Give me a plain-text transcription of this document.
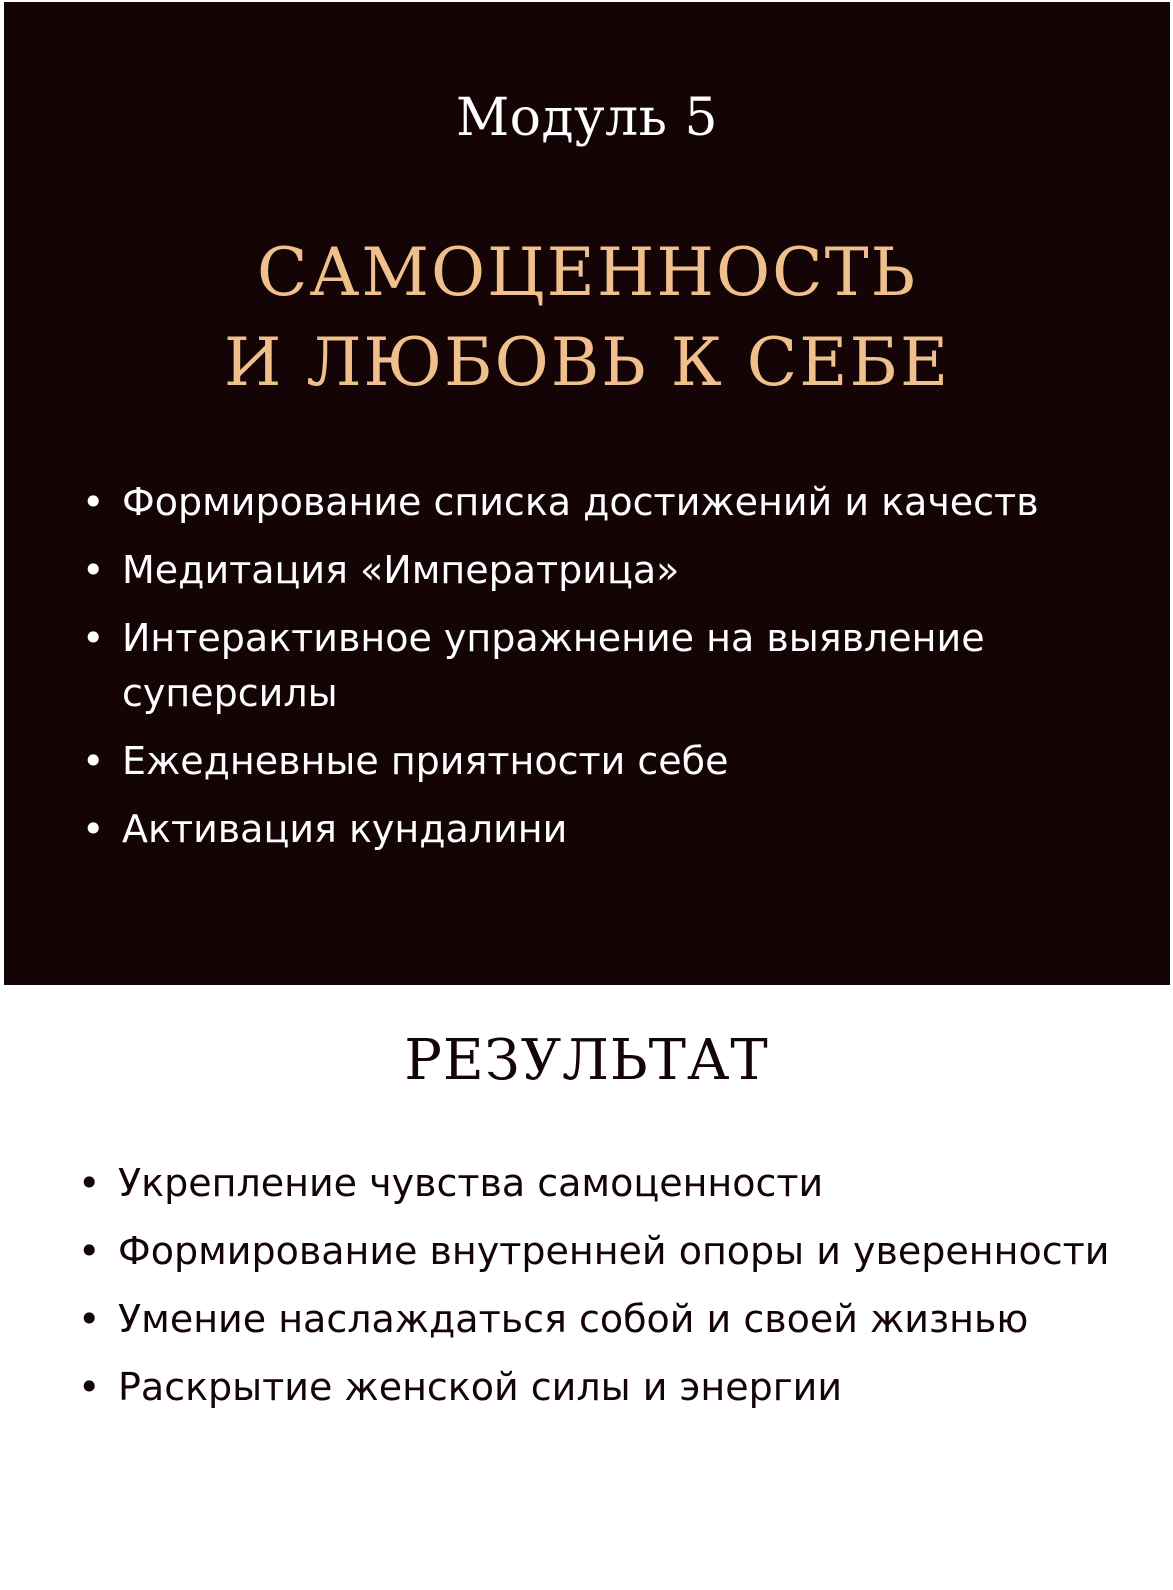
Модуль 5
САМОЦЕННОСТЬ
И ЛЮБОВЬ К СЕБЕ
• Формирование списка достижений и качеств
• Медитация «Императрица»
• Интерактивное упражнение на выявление суперсилы
• Ежедневные приятности себе
• Активация кундалини
РЕЗУЛЬТАТ
• Укрепление чувства самоценности
• Формирование внутренней опоры и уверенности
• Умение наслаждаться собой и своей жизнью
• Раскрытие женской силы и энергии
